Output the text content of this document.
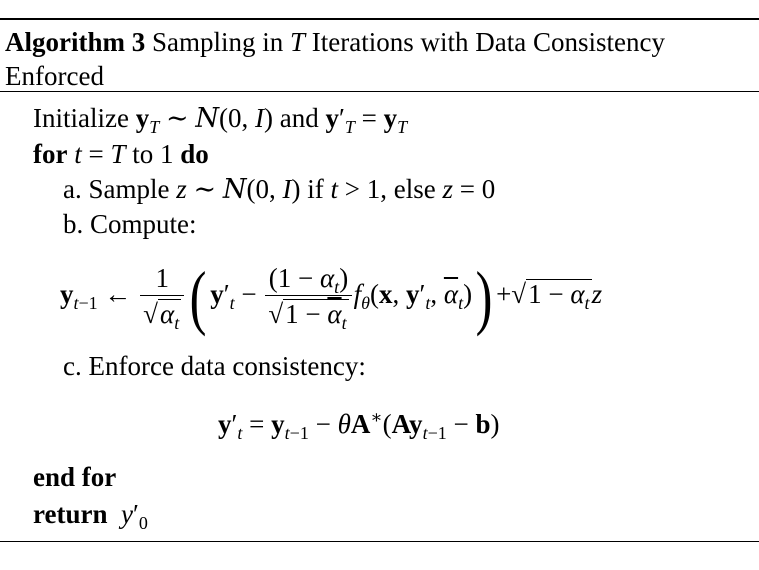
Algorithm 3 Sampling in T Iterations with Data Consistency
Enforced
Initialize $y_T$ ∼ N(0, I) and $y'_T = y_T$
for t = T to 1 do
a. Sample z ∼ N(0, I) if t > 1, else z = 0
b. Compute:
$y_{t-1}$ ← $\frac{1}{√\alpha_t}$ ( $y'_t - \frac{(1 - \alpha_t)}{√1 - \overline{\alpha}_t} f_\theta(x$, $y'_t$, $\overline{\alpha}_t)) +√1 - \alpha_tz$
c. Enforce data consistency:
$y'_t = y_{t-1} - \theta A^∗(Ay_{t-1} - b)$
end for
return $y'_0$
